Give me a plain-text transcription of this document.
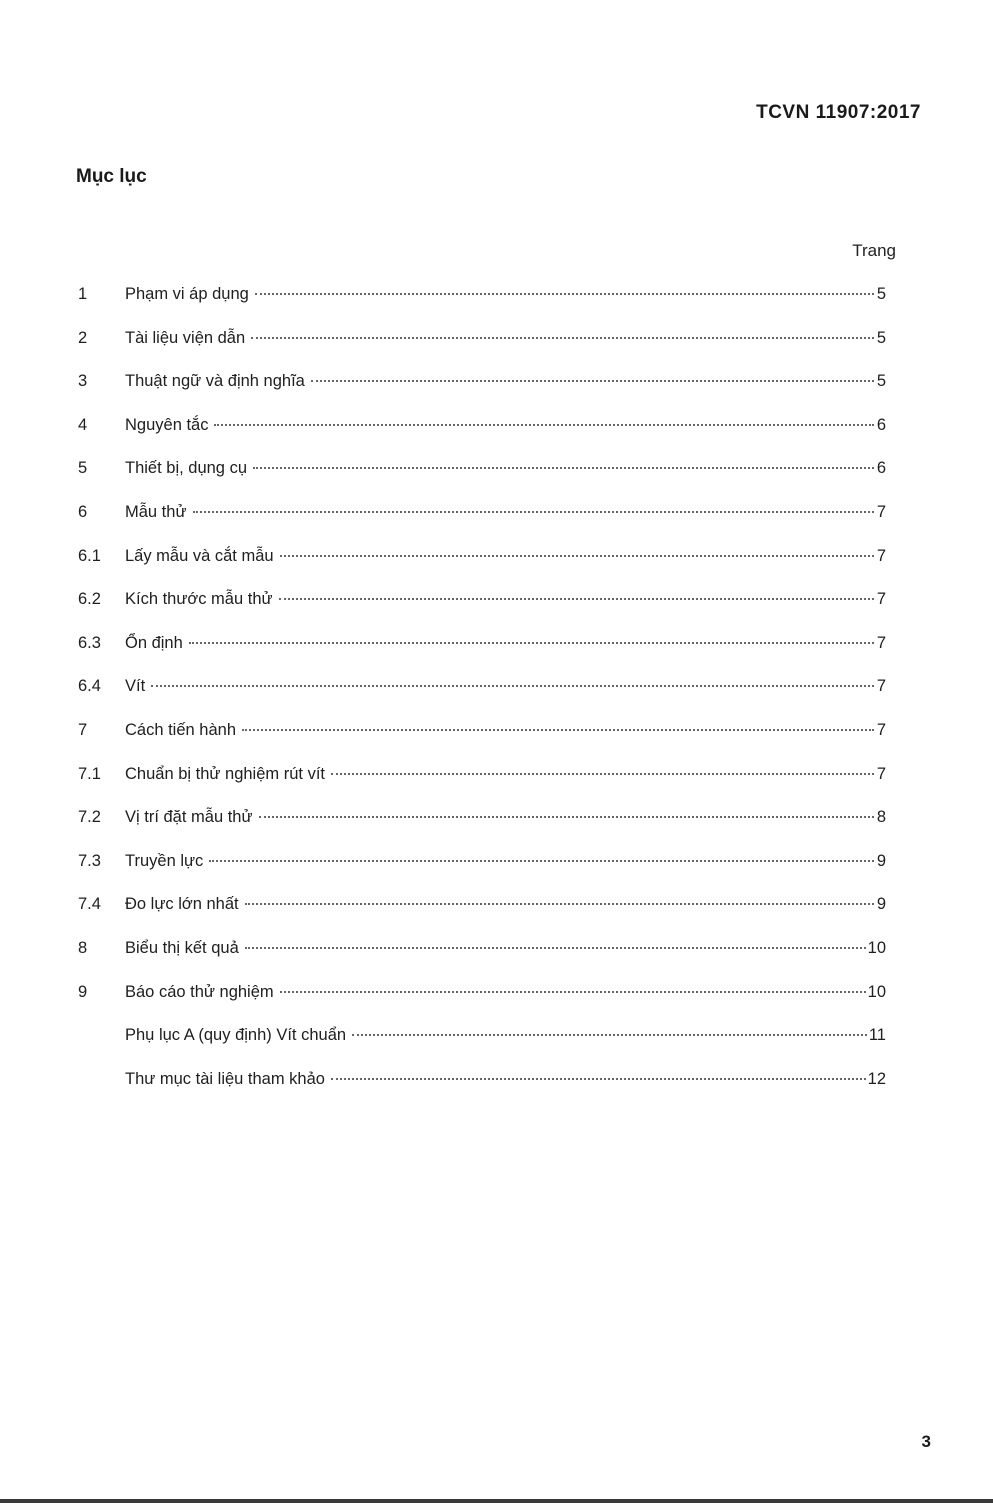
TCVN 11907:2017
Mục lục
Trang
1	Phạm vi áp dụng	5
2	Tài liệu viện dẫn	5
3	Thuật ngữ và định nghĩa	5
4	Nguyên tắc	6
5	Thiết bị, dụng cụ	6
6	Mẫu thử	7
6.1	Lấy mẫu và cắt mẫu	7
6.2	Kích thước mẫu thử	7
6.3	Ổn định	7
6.4	Vít	7
7	Cách tiến hành	7
7.1	Chuẩn bị thử nghiệm rút vít	7
7.2	Vị trí đặt mẫu thử	8
7.3	Truyền lực	9
7.4	Đo lực lớn nhất	9
8	Biểu thị kết quả	10
9	Báo cáo thử nghiệm	10
Phụ lục A (quy định) Vít chuẩn	11
Thư mục tài liệu tham khảo	12
3
